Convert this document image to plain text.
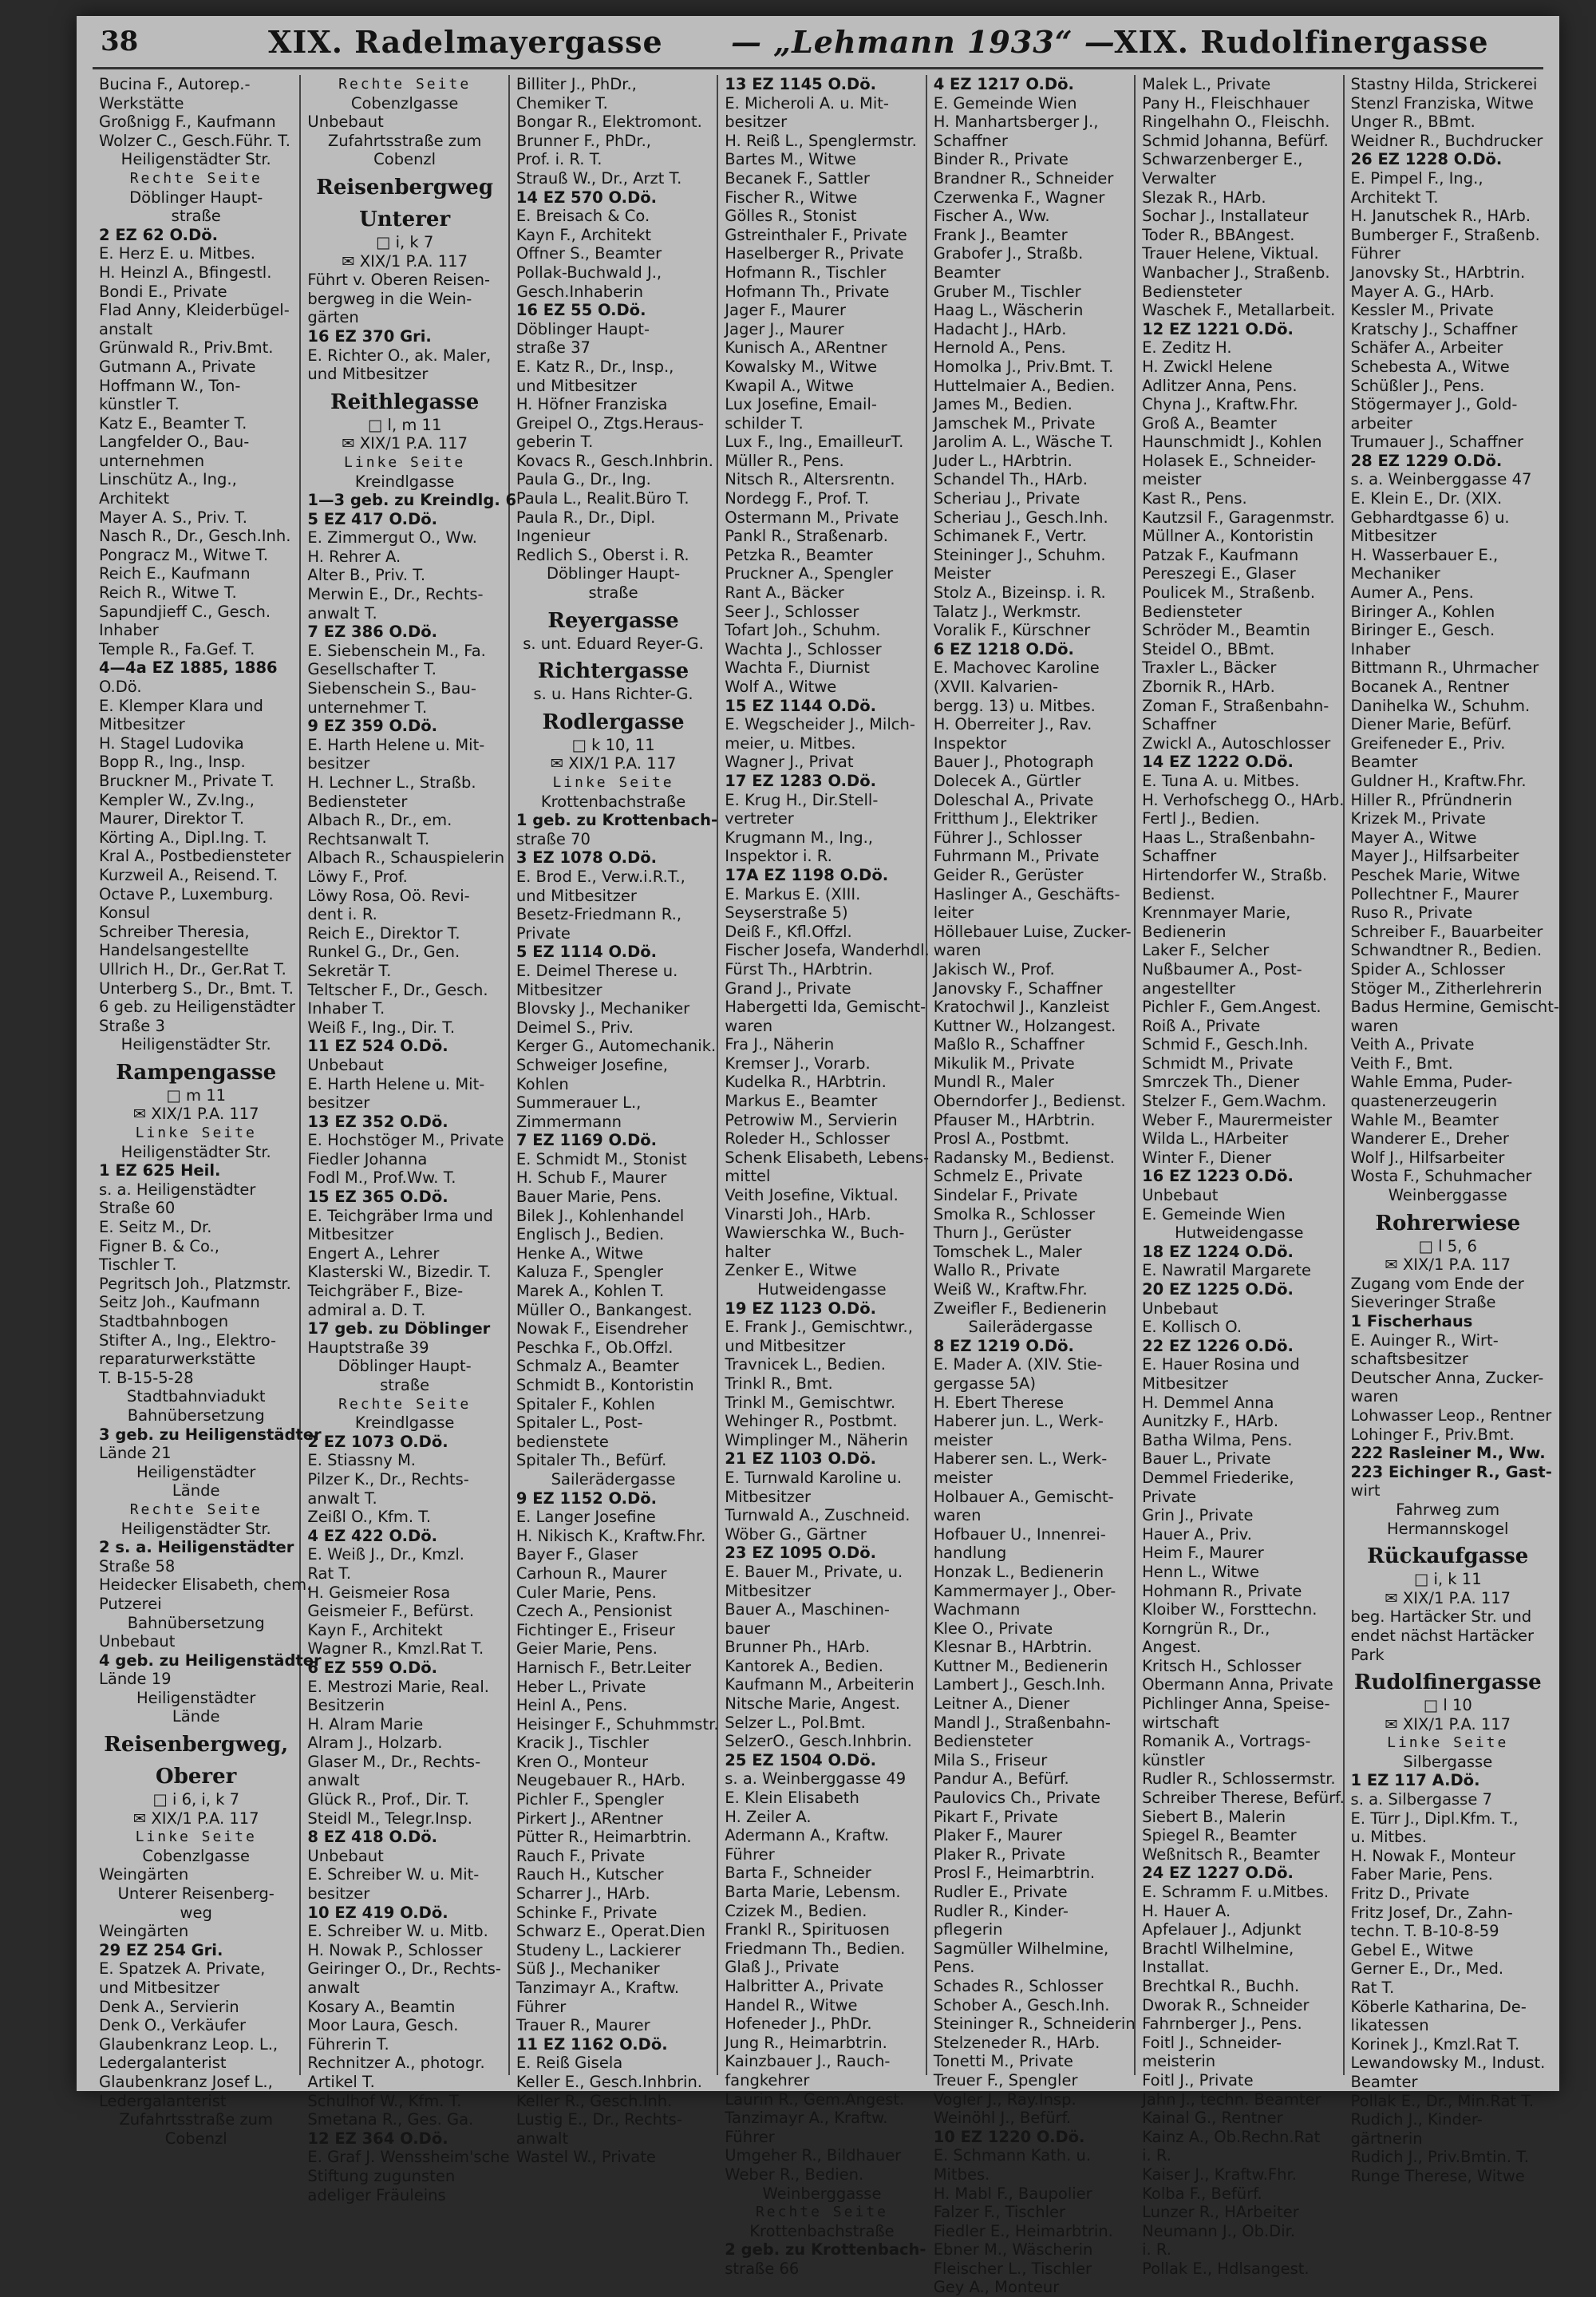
38	XIX. Radelmayergasse — „Lehmann 1933“ —
XIX. Rudolfinergasse
Bucina F., Autorep.-
Werkstätte
Großnigg F., Kaufmann
Wolzer C., Gesch.Führ. T.
Heiligenstädter Str.
Rechte Seite
Döblinger Haupt-
straße
2 EZ 62 O.Dö.
E. Herz E. u. Mitbes.
H. Heinzl A., Bfingestl.
Bondi E., Private
Flad Anny, Kleiderbügel-
anstalt
Grünwald R., Priv.Bmt.
Gutmann A., Private
Hoffmann W., Ton-
künstler T.
Katz E., Beamter T.
Langfelder O., Bau-
unternehmen
Linschütz A., Ing.,
Architekt
Mayer A. S., Priv. T.
Nasch R., Dr., Gesch.Inh.
Pongracz M., Witwe T.
Reich E., Kaufmann
Reich R., Witwe T.
Sapundjieff C., Gesch.
Inhaber
Temple R., Fa.Gef. T.
4—4a EZ 1885, 1886
O.Dö.
E. Klemper Klara und
Mitbesitzer
H. Stagel Ludovika
Bopp R., Ing., Insp.
Bruckner M., Private T.
Kempler W., Zv.Ing.,
Maurer, Direktor T.
Körting A., Dipl.Ing. T.
Kral A., Postbediensteter
Kurzweil A., Reisend. T.
Octave P., Luxemburg.
Konsul
Schreiber Theresia,
Handelsangestellte
Ullrich H., Dr., Ger.Rat T.
Unterberg S., Dr., Bmt. T.
6 geb. zu Heiligenstädter
Straße 3
Heiligenstädter Str.
Rampengasse
□ m 11
✉ XIX/1 P.A. 117
Linke Seite
Heiligenstädter Str.
1 EZ 625 Heil.
s. a. Heiligenstädter
Straße 60
E. Seitz M., Dr.
Figner B. & Co.,
Tischler T.
Pegritsch Joh., Platzmstr.
Seitz Joh., Kaufmann
Stadtbahnbogen
Stifter A., Ing., Elektro-
reparaturwerkstätte
T. B-15-5-28
Stadtbahnviadukt
Bahnübersetzung
3 geb. zu Heiligenstädter
Lände 21
Heiligenstädter
Lände
Rechte Seite
Heiligenstädter Str.
2 s. a. Heiligenstädter
Straße 58
Heidecker Elisabeth, chem.
Putzerei
Bahnübersetzung
Unbebaut
4 geb. zu Heiligenstädter
Lände 19
Heiligenstädter
Lände
Reisenbergweg,
Oberer
□ i 6, i, k 7
✉ XIX/1 P.A. 117
Linke Seite
Cobenzlgasse
Weingärten
Unterer Reisenberg-
weg
Weingärten
29 EZ 254 Gri.
E. Spatzek A. Private,
und Mitbesitzer
Denk A., Servierin
Denk O., Verkäufer
Glaubenkranz Leop. L.,
Ledergalanterist
Glaubenkranz Josef L.,
Ledergalanterist
Zufahrtsstraße zum
Cobenzl
Rechte Seite
Cobenzlgasse
Unbebaut
Zufahrtsstraße zum
Cobenzl
Reisenbergweg
Unterer
□ i, k 7
✉ XIX/1 P.A. 117
Führt v. Oberen Reisen-
bergweg in die Wein-
gärten
16 EZ 370 Gri.
E. Richter O., ak. Maler,
und Mitbesitzer
Reithlegasse
□ l, m 11
✉ XIX/1 P.A. 117
Linke Seite
Kreindlgasse
1—3 geb. zu Kreindlg. 6
5 EZ 417 O.Dö.
E. Zimmergut O., Ww.
H. Rehrer A.
Alter B., Priv. T.
Merwin E., Dr., Rechts-
anwalt T.
7 EZ 386 O.Dö.
E. Siebenschein M., Fa.
Gesellschafter T.
Siebenschein S., Bau-
unternehmer T.
9 EZ 359 O.Dö.
E. Harth Helene u. Mit-
besitzer
H. Lechner L., Straßb.
Bediensteter
Albach R., Dr., em.
Rechtsanwalt T.
Albach R., Schauspielerin
Löwy F., Prof.
Löwy Rosa, Oö. Revi-
dent i. R.
Reich E., Direktor T.
Runkel G., Dr., Gen.
Sekretär T.
Teltscher F., Dr., Gesch.
Inhaber T.
Weiß F., Ing., Dir. T.
11 EZ 524 O.Dö.
Unbebaut
E. Harth Helene u. Mit-
besitzer
13 EZ 352 O.Dö.
E. Hochstöger M., Private
Fiedler Johanna
Fodl M., Prof.Ww. T.
15 EZ 365 O.Dö.
E. Teichgräber Irma und
Mitbesitzer
Engert A., Lehrer
Klasterski W., Bizedir. T.
Teichgräber F., Bize-
admiral a. D. T.
17 geb. zu Döblinger
Hauptstraße 39
Döblinger Haupt-
straße
Rechte Seite
Kreindlgasse
2 EZ 1073 O.Dö.
E. Stiassny M.
Pilzer K., Dr., Rechts-
anwalt T.
Zeißl O., Kfm. T.
4 EZ 422 O.Dö.
E. Weiß J., Dr., Kmzl.
Rat T.
H. Geismeier Rosa
Geismeier F., Befürst.
Kayn F., Architekt
Wagner R., Kmzl.Rat T.
6 EZ 559 O.Dö.
E. Mestrozi Marie, Real.
Besitzerin
H. Alram Marie
Alram J., Holzarb.
Glaser M., Dr., Rechts-
anwalt
Glück R., Prof., Dir. T.
Steidl M., Telegr.Insp.
8 EZ 418 O.Dö.
Unbebaut
E. Schreiber W. u. Mit-
besitzer
10 EZ 419 O.Dö.
E. Schreiber W. u. Mitb.
H. Nowak P., Schlosser
Geiringer O., Dr., Rechts-
anwalt
Kosary A., Beamtin
Moor Laura, Gesch.
Führerin T.
Rechnitzer A., photogr.
Artikel T.
Schulhof W., Kfm. T.
Smetana R., Ges. Ga.
12 EZ 364 O.Dö.
E. Graf J. Wenssheim'sche
Stiftung zugunsten
adeliger Fräuleins
Billiter J., PhDr.,
Chemiker T.
Bongar R., Elektromont.
Brunner F., PhDr.,
Prof. i. R. T.
Strauß W., Dr., Arzt T.
14 EZ 570 O.Dö.
E. Breisach & Co.
Kayn F., Architekt
Offner S., Beamter
Pollak-Buchwald J.,
Gesch.Inhaberin
16 EZ 55 O.Dö.
Döblinger Haupt-
straße 37
E. Katz R., Dr., Insp.,
und Mitbesitzer
H. Höfner Franziska
Greipel O., Ztgs.Heraus-
geberin T.
Kovacs R., Gesch.Inhbrin.
Paula G., Dr., Ing.
Paula L., Realit.Büro T.
Paula R., Dr., Dipl.
Ingenieur
Redlich S., Oberst i. R.
Döblinger Haupt-
straße
Reyergasse
s. unt. Eduard Reyer-G.
Richtergasse
s. u. Hans Richter-G.
Rodlergasse
□ k 10, 11
✉ XIX/1 P.A. 117
Linke Seite
Krottenbachstraße
1 geb. zu Krottenbach-
straße 70
3 EZ 1078 O.Dö.
E. Brod E., Verw.i.R.T.,
und Mitbesitzer
Besetz-Friedmann R.,
Private
5 EZ 1114 O.Dö.
E. Deimel Therese u.
Mitbesitzer
Blovsky J., Mechaniker
Deimel S., Priv.
Kerger G., Automechanik.
Schweiger Josefine,
Kohlen
Summerauer L.,
Zimmermann
7 EZ 1169 O.Dö.
E. Schmidt M., Stonist
H. Schub F., Maurer
Bauer Marie, Pens.
Bilek J., Kohlenhandel
Englisch J., Bedien.
Henke A., Witwe
Kaluza F., Spengler
Marek A., Kohlen T.
Müller O., Bankangest.
Nowak F., Eisendreher
Peschka F., Ob.Offzl.
Schmalz A., Beamter
Schmidt B., Kontoristin
Spitaler F., Kohlen
Spitaler L., Post-
bedienstete
Spitaler Th., Befürf.
Sailerädergasse
9 EZ 1152 O.Dö.
E. Langer Josefine
H. Nikisch K., Kraftw.Fhr.
Bayer F., Glaser
Carhoun R., Maurer
Culer Marie, Pens.
Czech A., Pensionist
Fichtinger E., Friseur
Geier Marie, Pens.
Harnisch F., Betr.Leiter
Heber L., Private
Heinl A., Pens.
Heisinger F., Schuhmmstr.
Kracik J., Tischler
Kren O., Monteur
Neugebauer R., HArb.
Pichler F., Spengler
Pirkert J., ARentner
Pütter R., Heimarbtrin.
Rauch F., Private
Rauch H., Kutscher
Scharrer J., HArb.
Schinke F., Private
Schwarz E., Operat.Dien
Studeny L., Lackierer
Süß J., Mechaniker
Tanzimayr A., Kraftw.
Führer
Trauer R., Maurer
11 EZ 1162 O.Dö.
E. Reiß Gisela
Keller E., Gesch.Inhbrin.
Keller R., Gesch.Inh.
Lustig E., Dr., Rechts-
anwalt
Wastel W., Private
13 EZ 1145 O.Dö.
E. Micheroli A. u. Mit-
besitzer
H. Reiß L., Spenglermstr.
Bartes M., Witwe
Becanek F., Sattler
Fischer R., Witwe
Gölles R., Stonist
Gstreinthaler F., Private
Haselberger R., Private
Hofmann R., Tischler
Hofmann Th., Private
Jager F., Maurer
Jager J., Maurer
Kunisch A., ARentner
Kowalsky M., Witwe
Kwapil A., Witwe
Lux Josefine, Email-
schilder T.
Lux F., Ing., EmailleurT.
Müller R., Pens.
Nitsch R., Altersrentn.
Nordegg F., Prof. T.
Ostermann M., Private
Pankl R., Straßenarb.
Petzka R., Beamter
Pruckner A., Spengler
Rant A., Bäcker
Seer J., Schlosser
Tofart Joh., Schuhm.
Wachta J., Schlosser
Wachta F., Diurnist
Wolf A., Witwe
15 EZ 1144 O.Dö.
E. Wegscheider J., Milch-
meier, u. Mitbes.
Wagner J., Privat
17 EZ 1283 O.Dö.
E. Krug H., Dir.Stell-
vertreter
Krugmann M., Ing.,
Inspektor i. R.
17A EZ 1198 O.Dö.
E. Markus E. (XIII.
Seyserstraße 5)
Deiß F., Kfl.Offzl.
Fischer Josefa, Wanderhdl.
Fürst Th., HArbtrin.
Grand J., Private
Habergetti Ida, Gemischt-
waren
Fra J., Näherin
Kremser J., Vorarb.
Kudelka R., HArbtrin.
Markus E., Beamter
Petrowiw M., Servierin
Roleder H., Schlosser
Schenk Elisabeth, Lebens-
mittel
Veith Josefine, Viktual.
Vinarsti Joh., HArb.
Wawierschka W., Buch-
halter
Zenker E., Witwe
Hutweidengasse
19 EZ 1123 O.Dö.
E. Frank J., Gemischtwr.,
und Mitbesitzer
Travnicek L., Bedien.
Trinkl R., Bmt.
Trinkl M., Gemischtwr.
Wehinger R., Postbmt.
Wimplinger M., Näherin
21 EZ 1103 O.Dö.
E. Turnwald Karoline u.
Mitbesitzer
Turnwald A., Zuschneid.
Wöber G., Gärtner
23 EZ 1095 O.Dö.
E. Bauer M., Private, u.
Mitbesitzer
Bauer A., Maschinen-
bauer
Brunner Ph., HArb.
Kantorek A., Bedien.
Kaufmann M., Arbeiterin
Nitsche Marie, Angest.
Selzer L., Pol.Bmt.
SelzerO., Gesch.Inhbrin.
25 EZ 1504 O.Dö.
s. a. Weinberggasse 49
E. Klein Elisabeth
H. Zeiler A.
Adermann A., Kraftw.
Führer
Barta F., Schneider
Barta Marie, Lebensm.
Czizek M., Bedien.
Frankl R., Spirituosen
Friedmann Th., Bedien.
Glaß J., Private
Halbritter A., Private
Handel R., Witwe
Hofeneder J., PhDr.
Jung R., Heimarbtrin.
Kainzbauer J., Rauch-
fangkehrer
Laurin R., Gem.Angest.
Tanzimayr A., Kraftw.
Führer
Umgeher R., Bildhauer
Weber R., Bedien.
Weinberggasse
Rechte Seite
Krottenbachstraße
2 geb. zu Krottenbach-
straße 66
4 EZ 1217 O.Dö.
E. Gemeinde Wien
H. Manhartsberger J.,
Schaffner
Binder R., Private
Brandner R., Schneider
Czerwenka F., Wagner
Fischer A., Ww.
Frank J., Beamter
Grabofer J., Straßb.
Beamter
Gruber M., Tischler
Haag L., Wäscherin
Hadacht J., HArb.
Hernold A., Pens.
Homolka J., Priv.Bmt. T.
Huttelmaier A., Bedien.
James M., Bedien.
Jamschek M., Private
Jarolim A. L., Wäsche T.
Juder L., HArbtrin.
Schandel Th., HArb.
Scheriau J., Private
Scheriau J., Gesch.Inh.
Schimanek F., Vertr.
Steininger J., Schuhm.
Meister
Stolz A., Bizeinsp. i. R.
Talatz J., Werkmstr.
Voralik F., Kürschner
6 EZ 1218 O.Dö.
E. Machovec Karoline
(XVII. Kalvarien-
bergg. 13) u. Mitbes.
H. Oberreiter J., Rav.
Inspektor
Bauer J., Photograph
Dolecek A., Gürtler
Doleschal A., Private
Fritthum J., Elektriker
Führer J., Schlosser
Fuhrmann M., Private
Geider R., Gerüster
Haslinger A., Geschäfts-
leiter
Höllebauer Luise, Zucker-
waren
Jakisch W., Prof.
Janovsky F., Schaffner
Kratochwil J., Kanzleist
Kuttner W., Holzangest.
Maßlo R., Schaffner
Mikulik M., Private
Mundl R., Maler
Oberndorfer J., Bedienst.
Pfauser M., HArbtrin.
Prosl A., Postbmt.
Radansky M., Bedienst.
Schmelz E., Private
Sindelar F., Private
Smolka R., Schlosser
Thurn J., Gerüster
Tomschek L., Maler
Wallo R., Private
Weiß W., Kraftw.Fhr.
Zweifler F., Bedienerin
Sailerädergasse
8 EZ 1219 O.Dö.
E. Mader A. (XIV. Stie-
gergasse 5A)
H. Ebert Therese
Haberer jun. L., Werk-
meister
Haberer sen. L., Werk-
meister
Holbauer A., Gemischt-
waren
Hofbauer U., Innenrei-
handlung
Honzak L., Bedienerin
Kammermayer J., Ober-
Wachmann
Klee O., Private
Klesnar B., HArbtrin.
Kuttner M., Bedienerin
Lambert J., Gesch.Inh.
Leitner A., Diener
Mandl J., Straßenbahn-
Bediensteter
Mila S., Friseur
Pandur A., Befürf.
Paulovics Ch., Private
Pikart F., Private
Plaker F., Maurer
Plaker R., Private
Prosl F., Heimarbtrin.
Rudler E., Private
Rudler R., Kinder-
pflegerin
Sagmüller Wilhelmine,
Pens.
Schades R., Schlosser
Schober A., Gesch.Inh.
Steininger R., Schneiderin
Stelzeneder R., HArb.
Tonetti M., Private
Treuer F., Spengler
Vogler J., Ray.Insp.
Weinöhl J., Befürf.
10 EZ 1220 O.Dö.
E. Schmann Kath. u.
Mitbes.
H. Mabl F., Baupolier
Falzer F., Tischler
Fiedler E., Heimarbtrin.
Ebner M., Wäscherin
Fleischer L., Tischler
Gey A., Monteur
Malek L., Private
Pany H., Fleischhauer
Ringelhahn O., Fleischh.
Schmid Johanna, Befürf.
Schwarzenberger E.,
Verwalter
Slezak R., HArb.
Sochar J., Installateur
Toder R., BBAngest.
Trauer Helene, Viktual.
Wanbacher J., Straßenb.
Bediensteter
Waschek F., Metallarbeit.
12 EZ 1221 O.Dö.
E. Zeditz H.
H. Zwickl Helene
Adlitzer Anna, Pens.
Chyna J., Kraftw.Fhr.
Groß A., Beamter
Haunschmidt J., Kohlen
Holasek E., Schneider-
meister
Kast R., Pens.
Kautzsil F., Garagenmstr.
Müllner A., Kontoristin
Patzak F., Kaufmann
Pereszegi E., Glaser
Poulicek M., Straßenb.
Bediensteter
Schröder M., Beamtin
Steidel O., BBmt.
Traxler L., Bäcker
Zbornik R., HArb.
Zoman F., Straßenbahn-
Schaffner
Zwickl A., Autoschlosser
14 EZ 1222 O.Dö.
E. Tuna A. u. Mitbes.
H. Verhofschegg O., HArb.
Fertl J., Bedien.
Haas L., Straßenbahn-
Schaffner
Hirtendorfer W., Straßb.
Bedienst.
Krennmayer Marie,
Bedienerin
Laker F., Selcher
Nußbaumer A., Post-
angestellter
Pichler F., Gem.Angest.
Roiß A., Private
Schmid F., Gesch.Inh.
Schmidt M., Private
Smrczek Th., Diener
Stelzer F., Gem.Wachm.
Weber F., Maurermeister
Wilda L., HArbeiter
Winter F., Diener
16 EZ 1223 O.Dö.
Unbebaut
E. Gemeinde Wien
Hutweidengasse
18 EZ 1224 O.Dö.
E. Nawratil Margarete
20 EZ 1225 O.Dö.
Unbebaut
E. Kollisch O.
22 EZ 1226 O.Dö.
E. Hauer Rosina und
Mitbesitzer
H. Demmel Anna
Aunitzky F., HArb.
Batha Wilma, Pens.
Bauer L., Private
Demmel Friederike,
Private
Grin J., Private
Hauer A., Priv.
Heim F., Maurer
Henn L., Witwe
Hohmann R., Private
Kloiber W., Forsttechn.
Korngrün R., Dr.,
Angest.
Kritsch H., Schlosser
Obermann Anna, Private
Pichlinger Anna, Speise-
wirtschaft
Romanik A., Vortrags-
künstler
Rudler R., Schlossermstr.
Schreiber Therese, Befürf.
Siebert B., Malerin
Spiegel R., Beamter
Weßnitsch R., Beamter
24 EZ 1227 O.Dö.
E. Schramm F. u.Mitbes.
H. Hauer A.
Apfelauer J., Adjunkt
Brachtl Wilhelmine,
Installat.
Brechtkal R., Buchh.
Dworak R., Schneider
Fahrnberger J., Pens.
Foitl J., Schneider-
meisterin
Foitl J., Private
Jahn J., techn. Beamter
Kainal G., Rentner
Kainz A., Ob.Rechn.Rat
i. R.
Kaiser J., Kraftw.Fhr.
Kolba F., Befürf.
Lunzer R., HArbeiter
Neumann J., Ob.Dir.
i. R.
Pollak E., Hdlsangest.
Stastny Hilda, Strickerei
Stenzl Franziska, Witwe
Unger R., BBmt.
Weidner R., Buchdrucker
26 EZ 1228 O.Dö.
E. Pimpel F., Ing.,
Architekt T.
H. Janutschek R., HArb.
Bumberger F., Straßenb.
Führer
Janovsky St., HArbtrin.
Mayer A. G., HArb.
Kessler M., Private
Kratschy J., Schaffner
Schäfer A., Arbeiter
Schebesta A., Witwe
Schüßler J., Pens.
Stögermayer J., Gold-
arbeiter
Trumauer J., Schaffner
28 EZ 1229 O.Dö.
s. a. Weinberggasse 47
E. Klein E., Dr. (XIX.
Gebhardtgasse 6) u.
Mitbesitzer
H. Wasserbauer E.,
Mechaniker
Aumer A., Pens.
Biringer A., Kohlen
Biringer E., Gesch.
Inhaber
Bittmann R., Uhrmacher
Bocanek A., Rentner
Danihelka W., Schuhm.
Diener Marie, Befürf.
Greifeneder E., Priv.
Beamter
Guldner H., Kraftw.Fhr.
Hiller R., Pfründnerin
Krizek M., Private
Mayer A., Witwe
Mayer J., Hilfsarbeiter
Peschek Marie, Witwe
Pollechtner F., Maurer
Ruso R., Private
Schreiber F., Bauarbeiter
Schwandtner R., Bedien.
Spider A., Schlosser
Stöger M., Zitherlehrerin
Badus Hermine, Gemischt-
waren
Veith A., Private
Veith F., Bmt.
Wahle Emma, Puder-
quastenerzeugerin
Wahle M., Beamter
Wanderer E., Dreher
Wolf J., Hilfsarbeiter
Wosta F., Schuhmacher
Weinberggasse
Rohrerwiese
□ l 5, 6
✉ XIX/1 P.A. 117
Zugang vom Ende der
Sieveringer Straße
1 Fischerhaus
E. Auinger R., Wirt-
schaftsbesitzer
Deutscher Anna, Zucker-
waren
Lohwasser Leop., Rentner
Lohinger F., Priv.Bmt.
222 Rasleiner M., Ww.
223 Eichinger R., Gast-
wirt
Fahrweg zum
Hermannskogel
Rückaufgasse
□ i, k 11
✉ XIX/1 P.A. 117
beg. Hartäcker Str. und
endet nächst Hartäcker
Park
Rudolfinergasse
□ l 10
✉ XIX/1 P.A. 117
Linke Seite
Silbergasse
1 EZ 117 A.Dö.
s. a. Silbergasse 7
E. Türr J., Dipl.Kfm. T.,
u. Mitbes.
H. Nowak F., Monteur
Faber Marie, Pens.
Fritz D., Private
Fritz Josef, Dr., Zahn-
techn. T. B-10-8-59
Gebel E., Witwe
Gerner E., Dr., Med.
Rat T.
Köberle Katharina, De-
likatessen
Korinek J., Kmzl.Rat T.
Lewandowsky M., Indust.
Beamter
Pollak E., Dr., Min.Rat T.
Rudich J., Kinder-
gärtnerin
Rudich J., Priv.Bmtin. T.
Runge Therese, Witwe
